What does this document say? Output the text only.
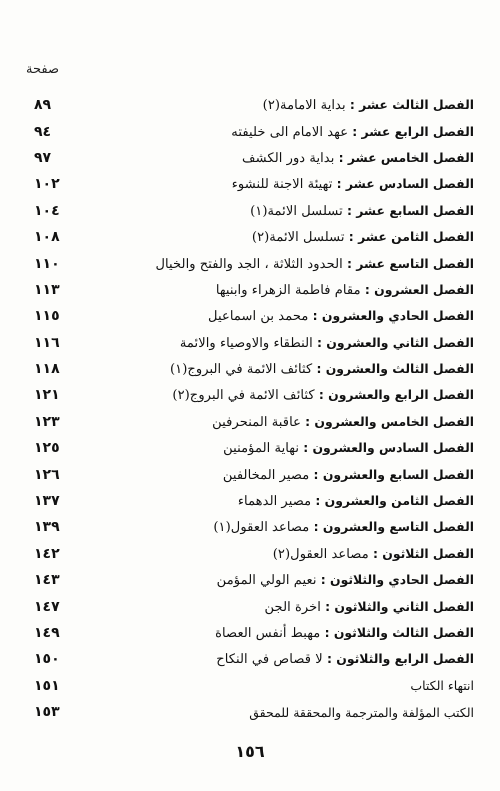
صفحة
الفصل الثالث عشر : بداية الامامة(٢)
٨٩
الفصل الرابع عشر : عهد الامام الى خليفته
٩٤
الفصل الخامس عشر : بداية دور الكشف
٩٧
الفصل السادس عشر : تهيئة الاجنة للنشوء
١٠٢
الفصل السابع عشر : تسلسل الائمة(١)
١٠٤
الفصل الثامن عشر : تسلسل الائمة(٢)
١٠٨
الفصل التاسع عشر : الحدود الثلاثة ، الجد والفتح والخيال
١١٠
الفصل العشرون : مقام فاطمة الزهراء وابنيها
١١٣
الفصل الحادي والعشرون : محمد بن اسماعيل
١١٥
الفصل الثاني والعشرون : النطقاء والاوصياء والائمة
١١٦
الفصل الثالث والعشرون : كثائف الائمة في البروج(١)
١١٨
الفصل الرابع والعشرون : كثائف الائمة في البروج(٢)
١٢١
الفصل الخامس والعشرون : عاقبة المنحرفين
١٢٣
الفصل السادس والعشرون : نهاية المؤمنين
١٢٥
الفصل السابع والعشرون : مصير المخالفين
١٢٦
الفصل الثامن والعشرون : مصير الدهماء
١٣٧
الفصل التاسع والعشرون : مصاعد العقول(١)
١٣٩
الفصل الثلاثون : مصاعد العقول(٢)
١٤٢
الفصل الحادي والثلاثون : نعيم الولي المؤمن
١٤٣
الفصل الثاني والثلاثون : اخرة الجن
١٤٧
الفصل الثالث والثلاثون : مهبط أنفس العصاة
١٤٩
الفصل الرابع والثلاثون : لا قصاص في النكاح
١٥٠
انتهاء الكتاب
١٥١
الكتب المؤلفة والمترجمة والمحققة للمحقق
١٥٣
١٥٦
